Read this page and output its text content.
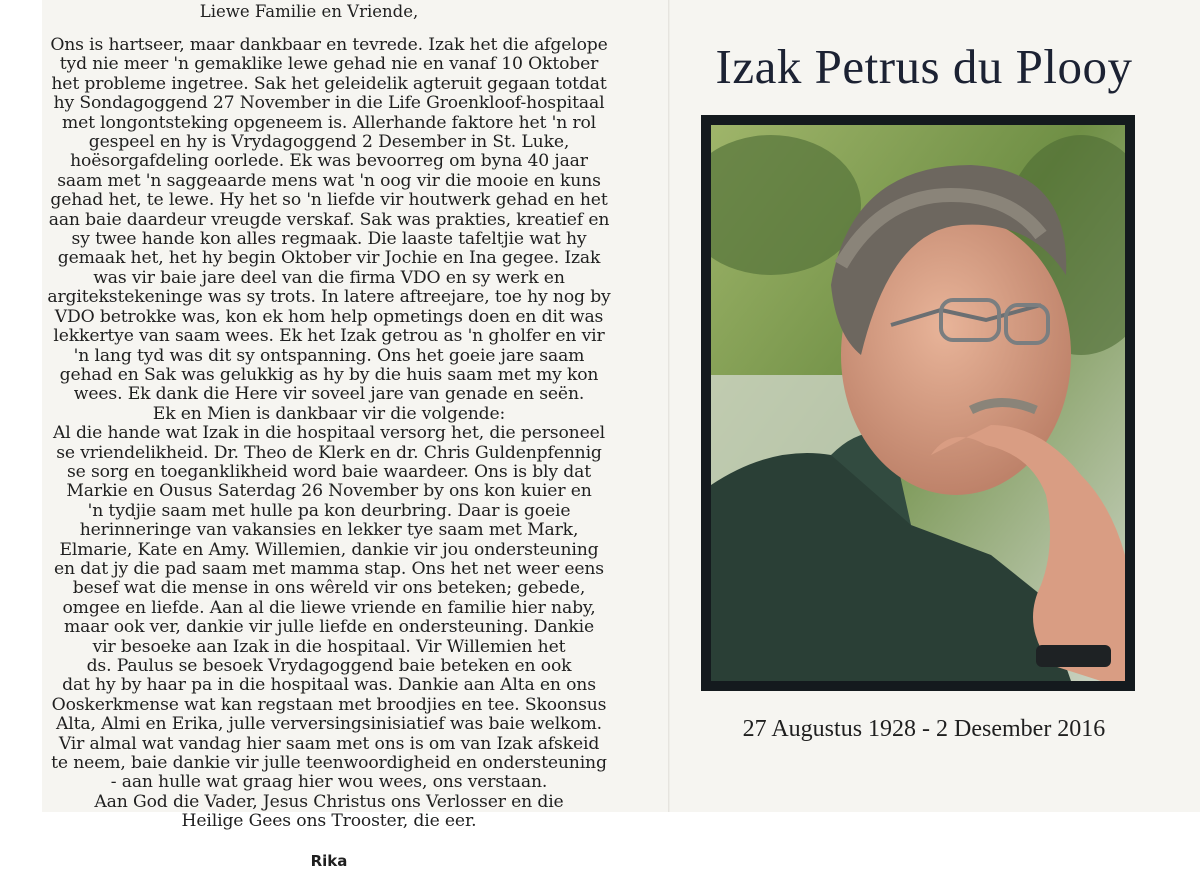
Liewe Familie en Vriende,

Ons is hartseer, maar dankbaar en tevrede. Izak het die afgelope
tyd nie meer 'n gemaklike lewe gehad nie en vanaf 10 Oktober
het probleme ingetree. Sak het geleidelik agteruit gegaan totdat
hy Sondagoggend 27 November in die Life Groenkloof-hospitaal
met longontsteking opgeneem is. Allerhande faktore het 'n rol
gespeel en hy is Vrydagoggend 2 Desember in St. Luke,
hoësorgafdeling oorlede. Ek was bevoorreg om byna 40 jaar
saam met 'n saggeaarde mens wat 'n oog vir die mooie en kuns
gehad het, te lewe. Hy het so 'n liefde vir houtwerk gehad en het
aan baie daardeur vreugde verskaf. Sak was prakties, kreatief en
sy twee hande kon alles regmaak. Die laaste tafeltjie wat hy
gemaak het, het hy begin Oktober vir Jochie en Ina gegee. Izak
was vir baie jare deel van die firma VDO en sy werk en
argitekstekeninge was sy trots. In latere aftreejare, toe hy nog by
VDO betrokke was, kon ek hom help opmetings doen en dit was
lekkertye van saam wees. Ek het Izak getrou as 'n gholfer en vir
'n lang tyd was dit sy ontspanning. Ons het goeie jare saam
gehad en Sak was gelukkig as hy by die huis saam met my kon
wees. Ek dank die Here vir soveel jare van genade en seën.
Ek en Mien is dankbaar vir die volgende:
Al die hande wat Izak in die hospitaal versorg het, die personeel
se vriendelikheid. Dr. Theo de Klerk en dr. Chris Guldenpfennig
se sorg en toeganklikheid word baie waardeer. Ons is bly dat
Markie en Ousus Saterdag 26 November by ons kon kuier en
'n tydjie saam met hulle pa kon deurbring. Daar is goeie
herinneringe van vakansies en lekker tye saam met Mark,
Elmarie, Kate en Amy. Willemien, dankie vir jou ondersteuning
en dat jy die pad saam met mamma stap. Ons het net weer eens
besef wat die mense in ons wêreld vir ons beteken; gebede,
omgee en liefde. Aan al die liewe vriende en familie hier naby,
maar ook ver, dankie vir julle liefde en ondersteuning. Dankie
vir besoeke aan Izak in die hospitaal. Vir Willemien het
ds. Paulus se besoek Vrydagoggend baie beteken en ook
dat hy by haar pa in die hospitaal was. Dankie aan Alta en ons
Ooskerkmense wat kan regstaan met broodjies en tee. Skoonsus
Alta, Almi en Erika, julle verversingsinisiatief was baie welkom.
Vir almal wat vandag hier saam met ons is om van Izak afskeid
te neem, baie dankie vir julle teenwoordigheid en ondersteuning
- aan hulle wat graag hier wou wees, ons verstaan.
Aan God die Vader, Jesus Christus ons Verlosser en die
Heilige Gees ons Trooster, die eer.
Rika
Izak Petrus du Plooy
27 Augustus 1928 - 2 Desember 2016
